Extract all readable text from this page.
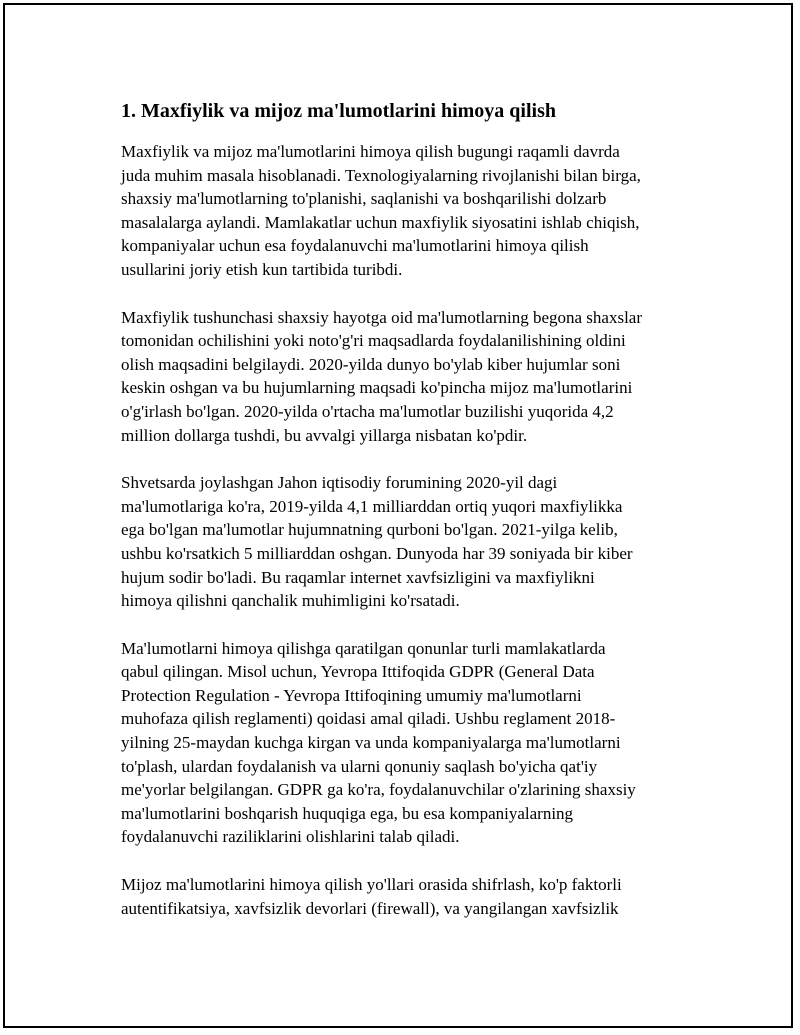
1. Maxfiylik va mijoz ma'lumotlarini himoya qilish

Maxfiylik va mijoz ma'lumotlarini himoya qilish bugungi raqamli davrda
juda muhim masala hisoblanadi. Texnologiyalarning rivojlanishi bilan birga,
shaxsiy ma'lumotlarning to'planishi, saqlanishi va boshqarilishi dolzarb
masalalarga aylandi. Mamlakatlar uchun maxfiylik siyosatini ishlab chiqish,
kompaniyalar uchun esa foydalanuvchi ma'lumotlarini himoya qilish
usullarini joriy etish kun tartibida turibdi.

Maxfiylik tushunchasi shaxsiy hayotga oid ma'lumotlarning begona shaxslar
tomonidan ochilishini yoki noto'g'ri maqsadlarda foydalanilishining oldini
olish maqsadini belgilaydi. 2020-yilda dunyo bo'ylab kiber hujumlar soni
keskin oshgan va bu hujumlarning maqsadi ko'pincha mijoz ma'lumotlarini
o'g'irlash bo'lgan. 2020-yilda o'rtacha ma'lumotlar buzilishi yuqorida 4,2
million dollarga tushdi, bu avvalgi yillarga nisbatan ko'pdir.

Shvetsarda joylashgan Jahon iqtisodiy forumining 2020-yil dagi
ma'lumotlariga ko'ra, 2019-yilda 4,1 milliarddan ortiq yuqori maxfiylikka
ega bo'lgan ma'lumotlar hujumnatning qurboni bo'lgan. 2021-yilga kelib,
ushbu ko'rsatkich 5 milliarddan oshgan. Dunyoda har 39 soniyada bir kiber
hujum sodir bo'ladi. Bu raqamlar internet xavfsizligini va maxfiylikni
himoya qilishni qanchalik muhimligini ko'rsatadi.

Ma'lumotlarni himoya qilishga qaratilgan qonunlar turli mamlakatlarda
qabul qilingan. Misol uchun, Yevropa Ittifoqida GDPR (General Data
Protection Regulation - Yevropa Ittifoqining umumiy ma'lumotlarni
muhofaza qilish reglamenti) qoidasi amal qiladi. Ushbu reglament 2018-
yilning 25-maydan kuchga kirgan va unda kompaniyalarga ma'lumotlarni
to'plash, ulardan foydalanish va ularni qonuniy saqlash bo'yicha qat'iy
me'yorlar belgilangan. GDPR ga ko'ra, foydalanuvchilar o'zlarining shaxsiy
ma'lumotlarini boshqarish huquqiga ega, bu esa kompaniyalarning
foydalanuvchi raziliklarini olishlarini talab qiladi.

Mijoz ma'lumotlarini himoya qilish yo'llari orasida shifrlash, ko'p faktorli
autentifikatsiya, xavfsizlik devorlari (firewall), va yangilangan xavfsizlik
